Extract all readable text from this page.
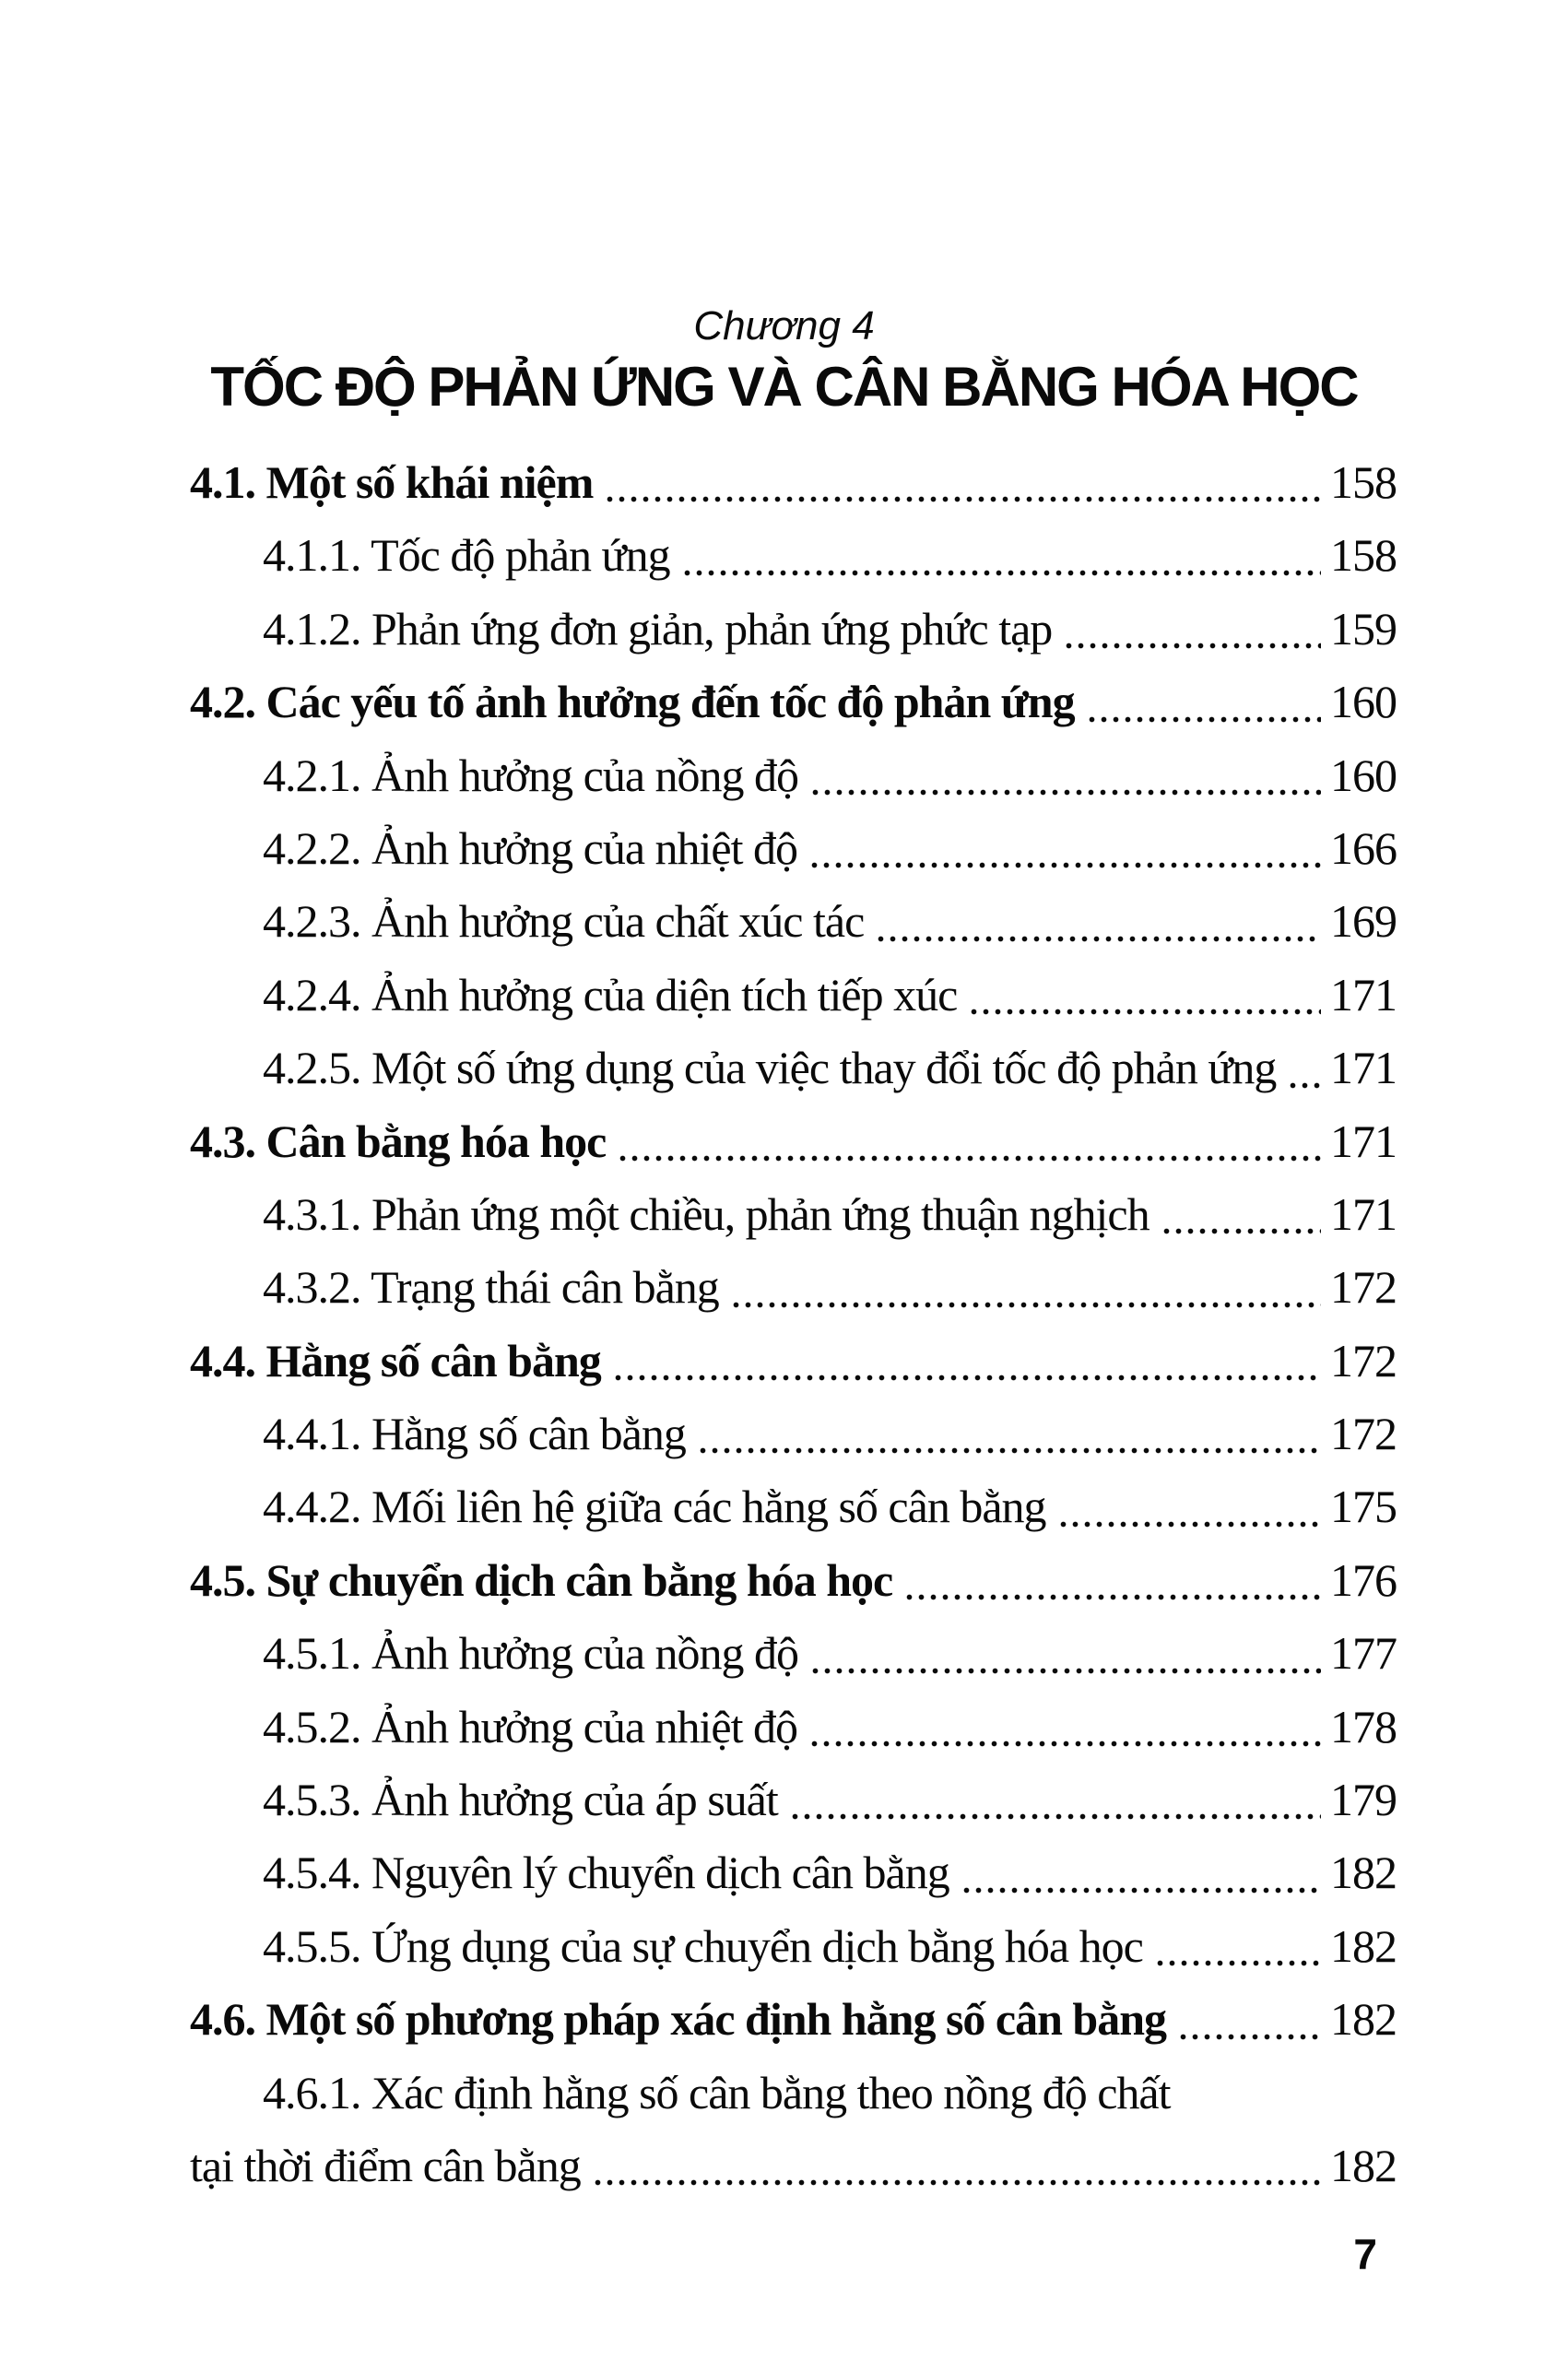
Chương 4
TỐC ĐỘ PHẢN ỨNG VÀ CÂN BẰNG HÓA HỌC
4.1. Một số khái niệm	158
4.1.1. Tốc độ phản ứng	158
4.1.2. Phản ứng đơn giản, phản ứng phức tạp	159
4.2. Các yếu tố ảnh hưởng đến tốc độ phản ứng	160
4.2.1. Ảnh hưởng của nồng độ	160
4.2.2. Ảnh hưởng của nhiệt độ	166
4.2.3. Ảnh hưởng của chất xúc tác	169
4.2.4. Ảnh hưởng của diện tích tiếp xúc	171
4.2.5. Một số ứng dụng của việc thay đổi tốc độ phản ứng 171
4.3. Cân bằng hóa học	171
4.3.1. Phản ứng một chiều, phản ứng thuận nghịch	171
4.3.2. Trạng thái cân bằng	172
4.4. Hằng số cân bằng	172
4.4.1. Hằng số cân bằng	172
4.4.2. Mối liên hệ giữa các hằng số cân bằng	175
4.5. Sự chuyển dịch cân bằng hóa học	176
4.5.1. Ảnh hưởng của nồng độ	177
4.5.2. Ảnh hưởng của nhiệt độ	178
4.5.3. Ảnh hưởng của áp suất	179
4.5.4. Nguyên lý chuyển dịch cân bằng	182
4.5.5. Ứng dụng của sự chuyển dịch bằng hóa học	182
4.6. Một số phương pháp xác định hằng số cân bằng	182
4.6.1. Xác định hằng số cân bằng theo nồng độ chất
tại thời điểm cân bằng	182
7
